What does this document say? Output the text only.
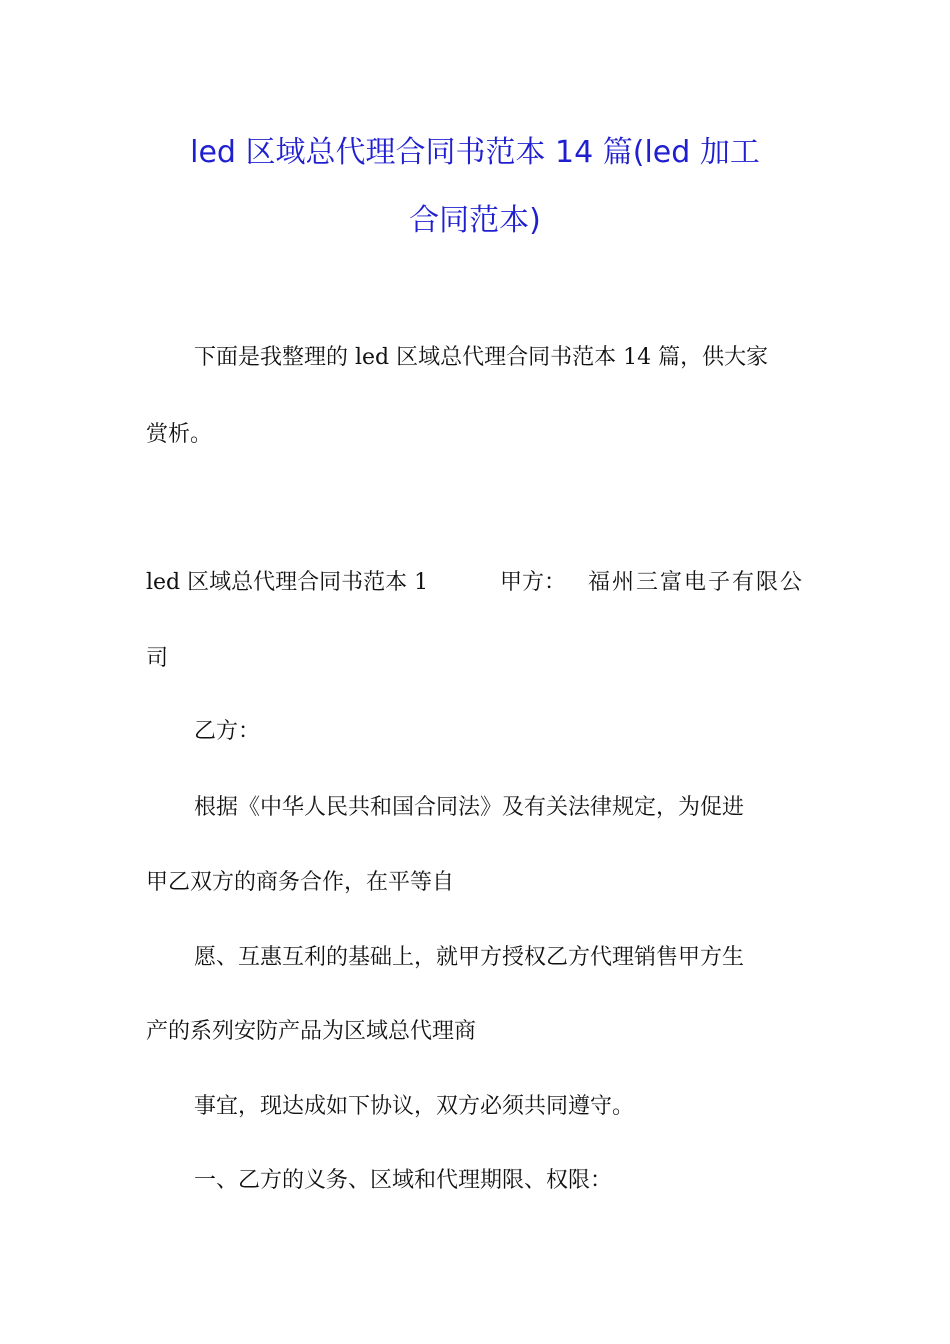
led 区域总代理合同书范本 14 篇(led 加工
合同范本)
下面是我整理的 led 区域总代理合同书范本 14 篇，供大家
赏析。
led 区域总代理合同书范本 1	甲方： 福州三富电子有限公
司
乙方：
根据《中华人民共和国合同法》及有关法律规定，为促进
甲乙双方的商务合作，在平等自
愿、互惠互利的基础上，就甲方授权乙方代理销售甲方生
产的系列安防产品为区域总代理商
事宜，现达成如下协议，双方必须共同遵守。
一、乙方的义务、区域和代理期限、权限：
